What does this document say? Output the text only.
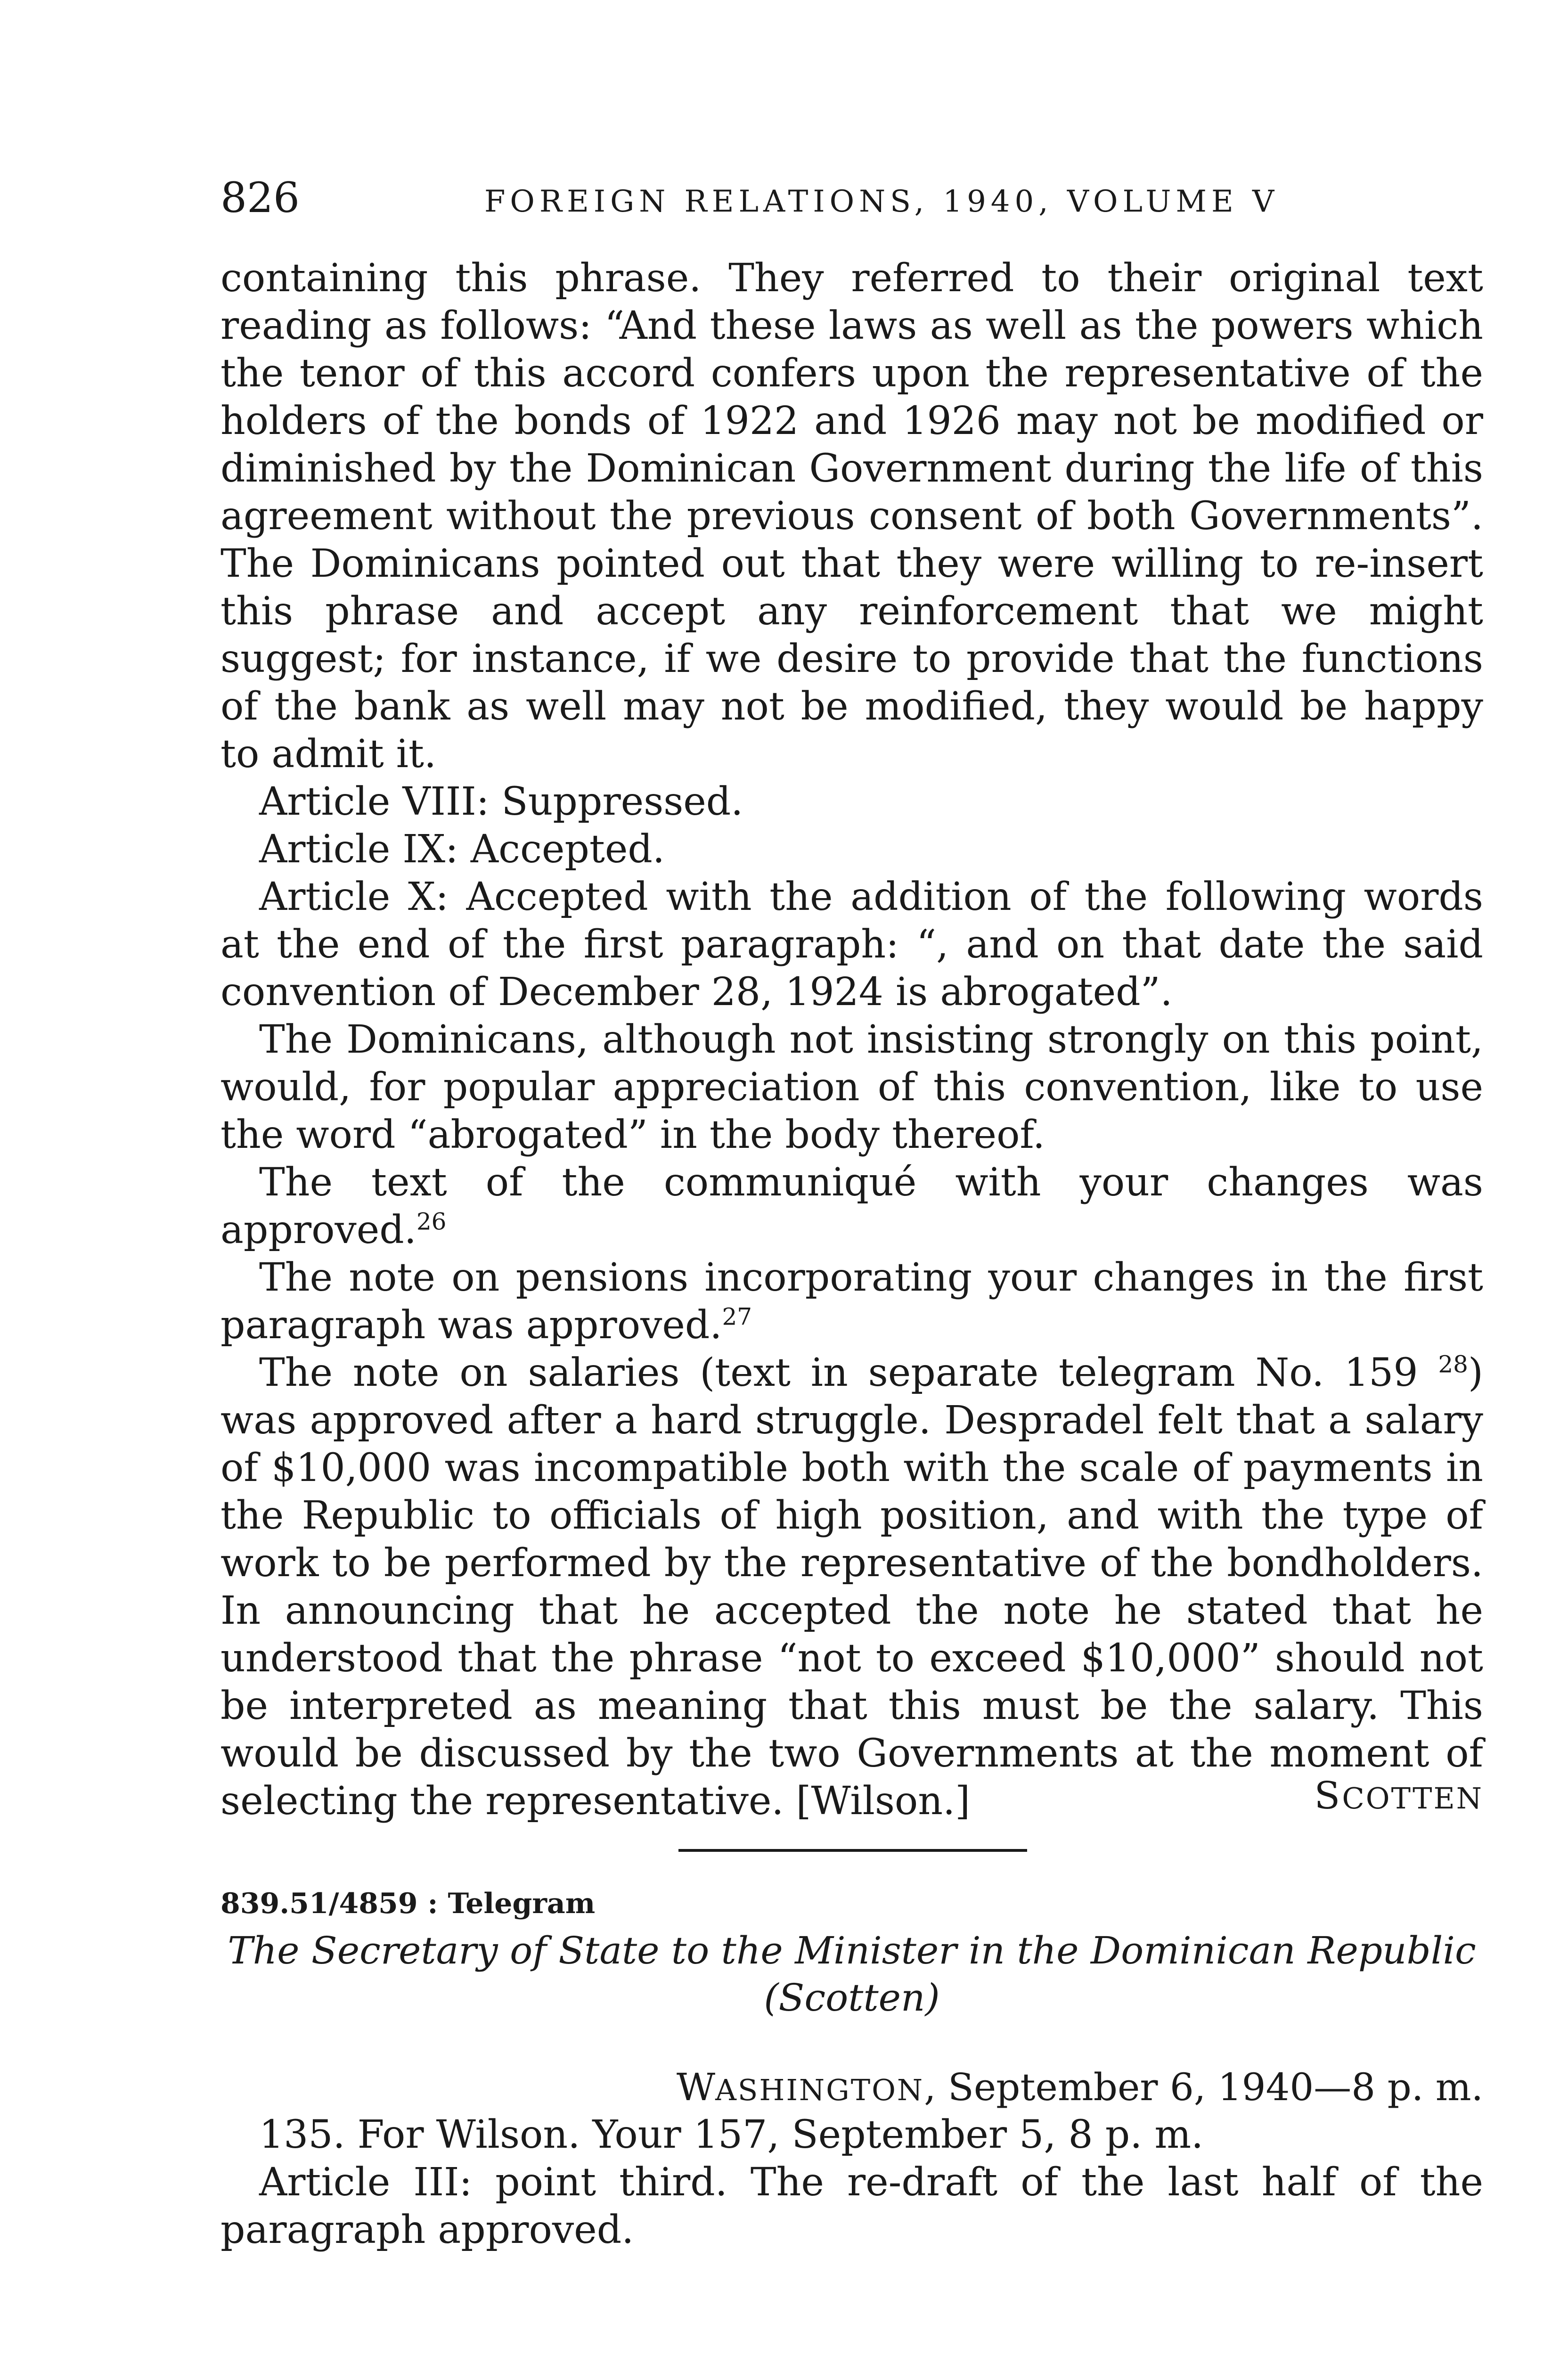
826	FOREIGN RELATIONS, 1940, VOLUME V

containing this phrase. They referred to their original text reading as follows: “And these laws as well as the powers which the tenor of this accord confers upon the representative of the holders of the bonds of 1922 and 1926 may not be modified or diminished by the Dominican Government during the life of this agreement without the previous consent of both Governments”. The Dominicans pointed out that they were willing to re-insert this phrase and accept any reinforcement that we might suggest; for instance, if we desire to provide that the functions of the bank as well may not be modified, they would be happy to admit it.

Article VIII: Suppressed.

Article IX: Accepted.

Article X: Accepted with the addition of the following words at the end of the first paragraph: “, and on that date the said convention of December 28, 1924 is abrogated”.

The Dominicans, although not insisting strongly on this point, would, for popular appreciation of this convention, like to use the word “abrogated” in the body thereof.

The text of the communiqué with your changes was approved.$^{26}$

The note on pensions incorporating your changes in the first paragraph was approved.$^{27}$

The note on salaries (text in separate telegram No. 159 $^{28}$) was approved after a hard struggle. Despradel felt that a salary of $10,000 was incompatible both with the scale of payments in the Republic to officials of high position, and with the type of work to be performed by the representative of the bondholders. In announcing that he accepted the note he stated that he understood that the phrase “not to exceed $10,000” should not be interpreted as meaning that this must be the salary. This would be discussed by the two Governments at the moment of selecting the representative. [Wilson.]	SCOTTEN
839.51/4859 : Telegram
The Secretary of State to the Minister in the Dominican Republic
(Scotten)
WASHINGTON, September 6, 1940—8 p. m.

135. For Wilson. Your 157, September 5, 8 p. m.

Article III: point third. The re-draft of the last half of the paragraph approved.
